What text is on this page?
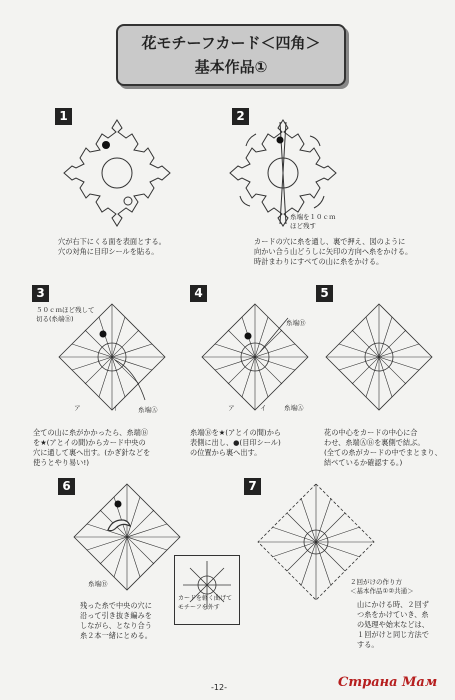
花モチーフカード＜四角＞
基本作品①
1
穴が右下にくる面を表面とする。
穴の対角に目印シールを貼る。
2
糸端を１０ｃｍ
ほど残す
カードの穴に糸を通し、裏で押え、図のように
向かい合う山どうしに矢印の方向へ糸をかける。
時計まわりにすべての山に糸をかける。
3
５０ｃｍほど残して
切る(糸端Ⓑ)
ア	イ	糸端Ⓐ
全ての山に糸がかかったら、糸端Ⓑ
を★(アとイの間)からカード中央の
穴に通して裏へ出す。(かぎ針などを
使うとやり易い!)
4
糸端Ⓑ
ア	イ	糸端Ⓐ
糸端Ⓑを★(アとイの間)から
表側に出し、●(目印シール)
の位置から裏へ出す。
5
花の中心をカードの中心に合
わせ、糸端ⒶⒷを裏側で結ぶ。
(全ての糸がカードの中でまとまり、
結べているか確認する。)
6
糸端Ⓑ
残った糸で中央の穴に
沿って引き抜き編みを
しながら、となり合う
糸２本一緒にとめる。
カードを軽く曲げて
モチーフを外す
7
２回がけの作り方
＜基本作品①②共通＞
山にかける時、２回ず
つ糸をかけていき、糸
の処理や始末などは、
１回がけと同じ方法で
する。
-12-	Страна Мам
